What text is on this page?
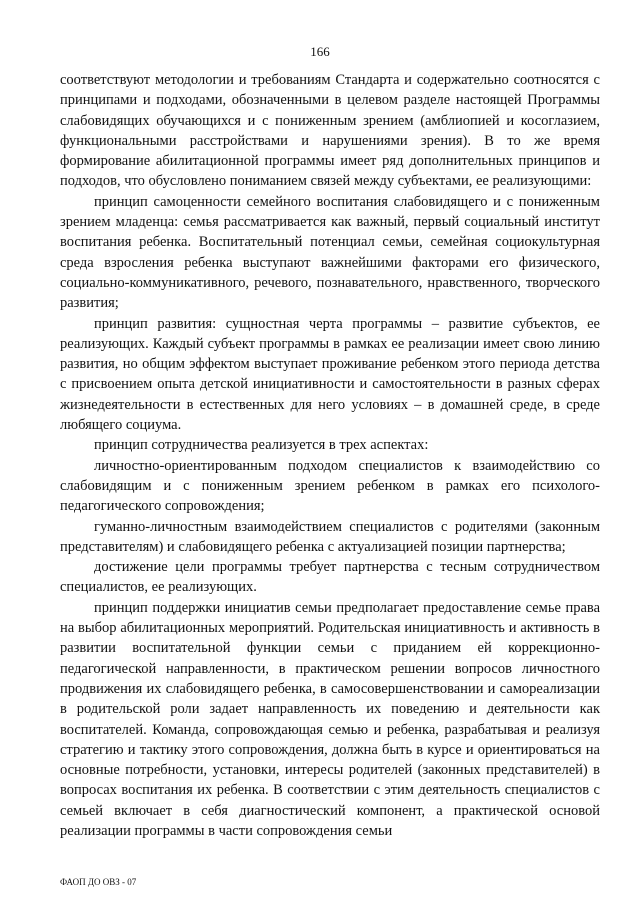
166

соответствуют методологии и требованиям Стандарта и содержательно соотносятся с принципами и подходами, обозначенными в целевом разделе настоящей Программы слабовидящих обучающихся и с пониженным зрением (амблиопией и косоглазием, функциональными расстройствами и нарушениями зрения). В то же время формирование абилитационной программы имеет ряд дополнительных принципов и подходов, что обусловлено пониманием связей между субъектами, ее реализующими:

принцип самоценности семейного воспитания слабовидящего и с пониженным зрением младенца: семья рассматривается как важный, первый социальный институт воспитания ребенка. Воспитательный потенциал семьи, семейная социокультурная среда взросления ребенка выступают важнейшими факторами его физического, социально-коммуникативного, речевого, познавательного, нравственного, творческого развития;

принцип развития: сущностная черта программы – развитие субъектов, ее реализующих. Каждый субъект программы в рамках ее реализации имеет свою линию развития, но общим эффектом выступает проживание ребенком этого периода детства с присвоением опыта детской инициативности и самостоятельности в разных сферах жизнедеятельности в естественных для него условиях – в домашней среде, в среде любящего социума.

принцип сотрудничества реализуется в трех аспектах:

личностно-ориентированным подходом специалистов к взаимодействию со слабовидящим и с пониженным зрением ребенком в рамках его психолого-педагогического сопровождения;

гуманно-личностным взаимодействием специалистов с родителями (законным представителям) и слабовидящего ребенка с актуализацией позиции партнерства;

достижение цели программы требует партнерства с тесным сотрудничеством специалистов, ее реализующих.

принцип поддержки инициатив семьи предполагает предоставление семье права на выбор абилитационных мероприятий. Родительская инициативность и активность в развитии воспитательной функции семьи с приданием ей коррекционно-педагогической направленности, в практическом решении вопросов личностного продвижения их слабовидящего ребенка, в самосовершенствовании и самореализации в родительской роли задает направленность их поведению и деятельности как воспитателей. Команда, сопровождающая семью и ребенка, разрабатывая и реализуя стратегию и тактику этого сопровождения, должна быть в курсе и ориентироваться на основные потребности, установки, интересы родителей (законных представителей) в вопросах воспитания их ребенка. В соответствии с этим деятельность специалистов с семьей включает в себя диагностический компонент, а практической основой реализации программы в части сопровождения семьи

ФАОП ДО ОВЗ - 07
